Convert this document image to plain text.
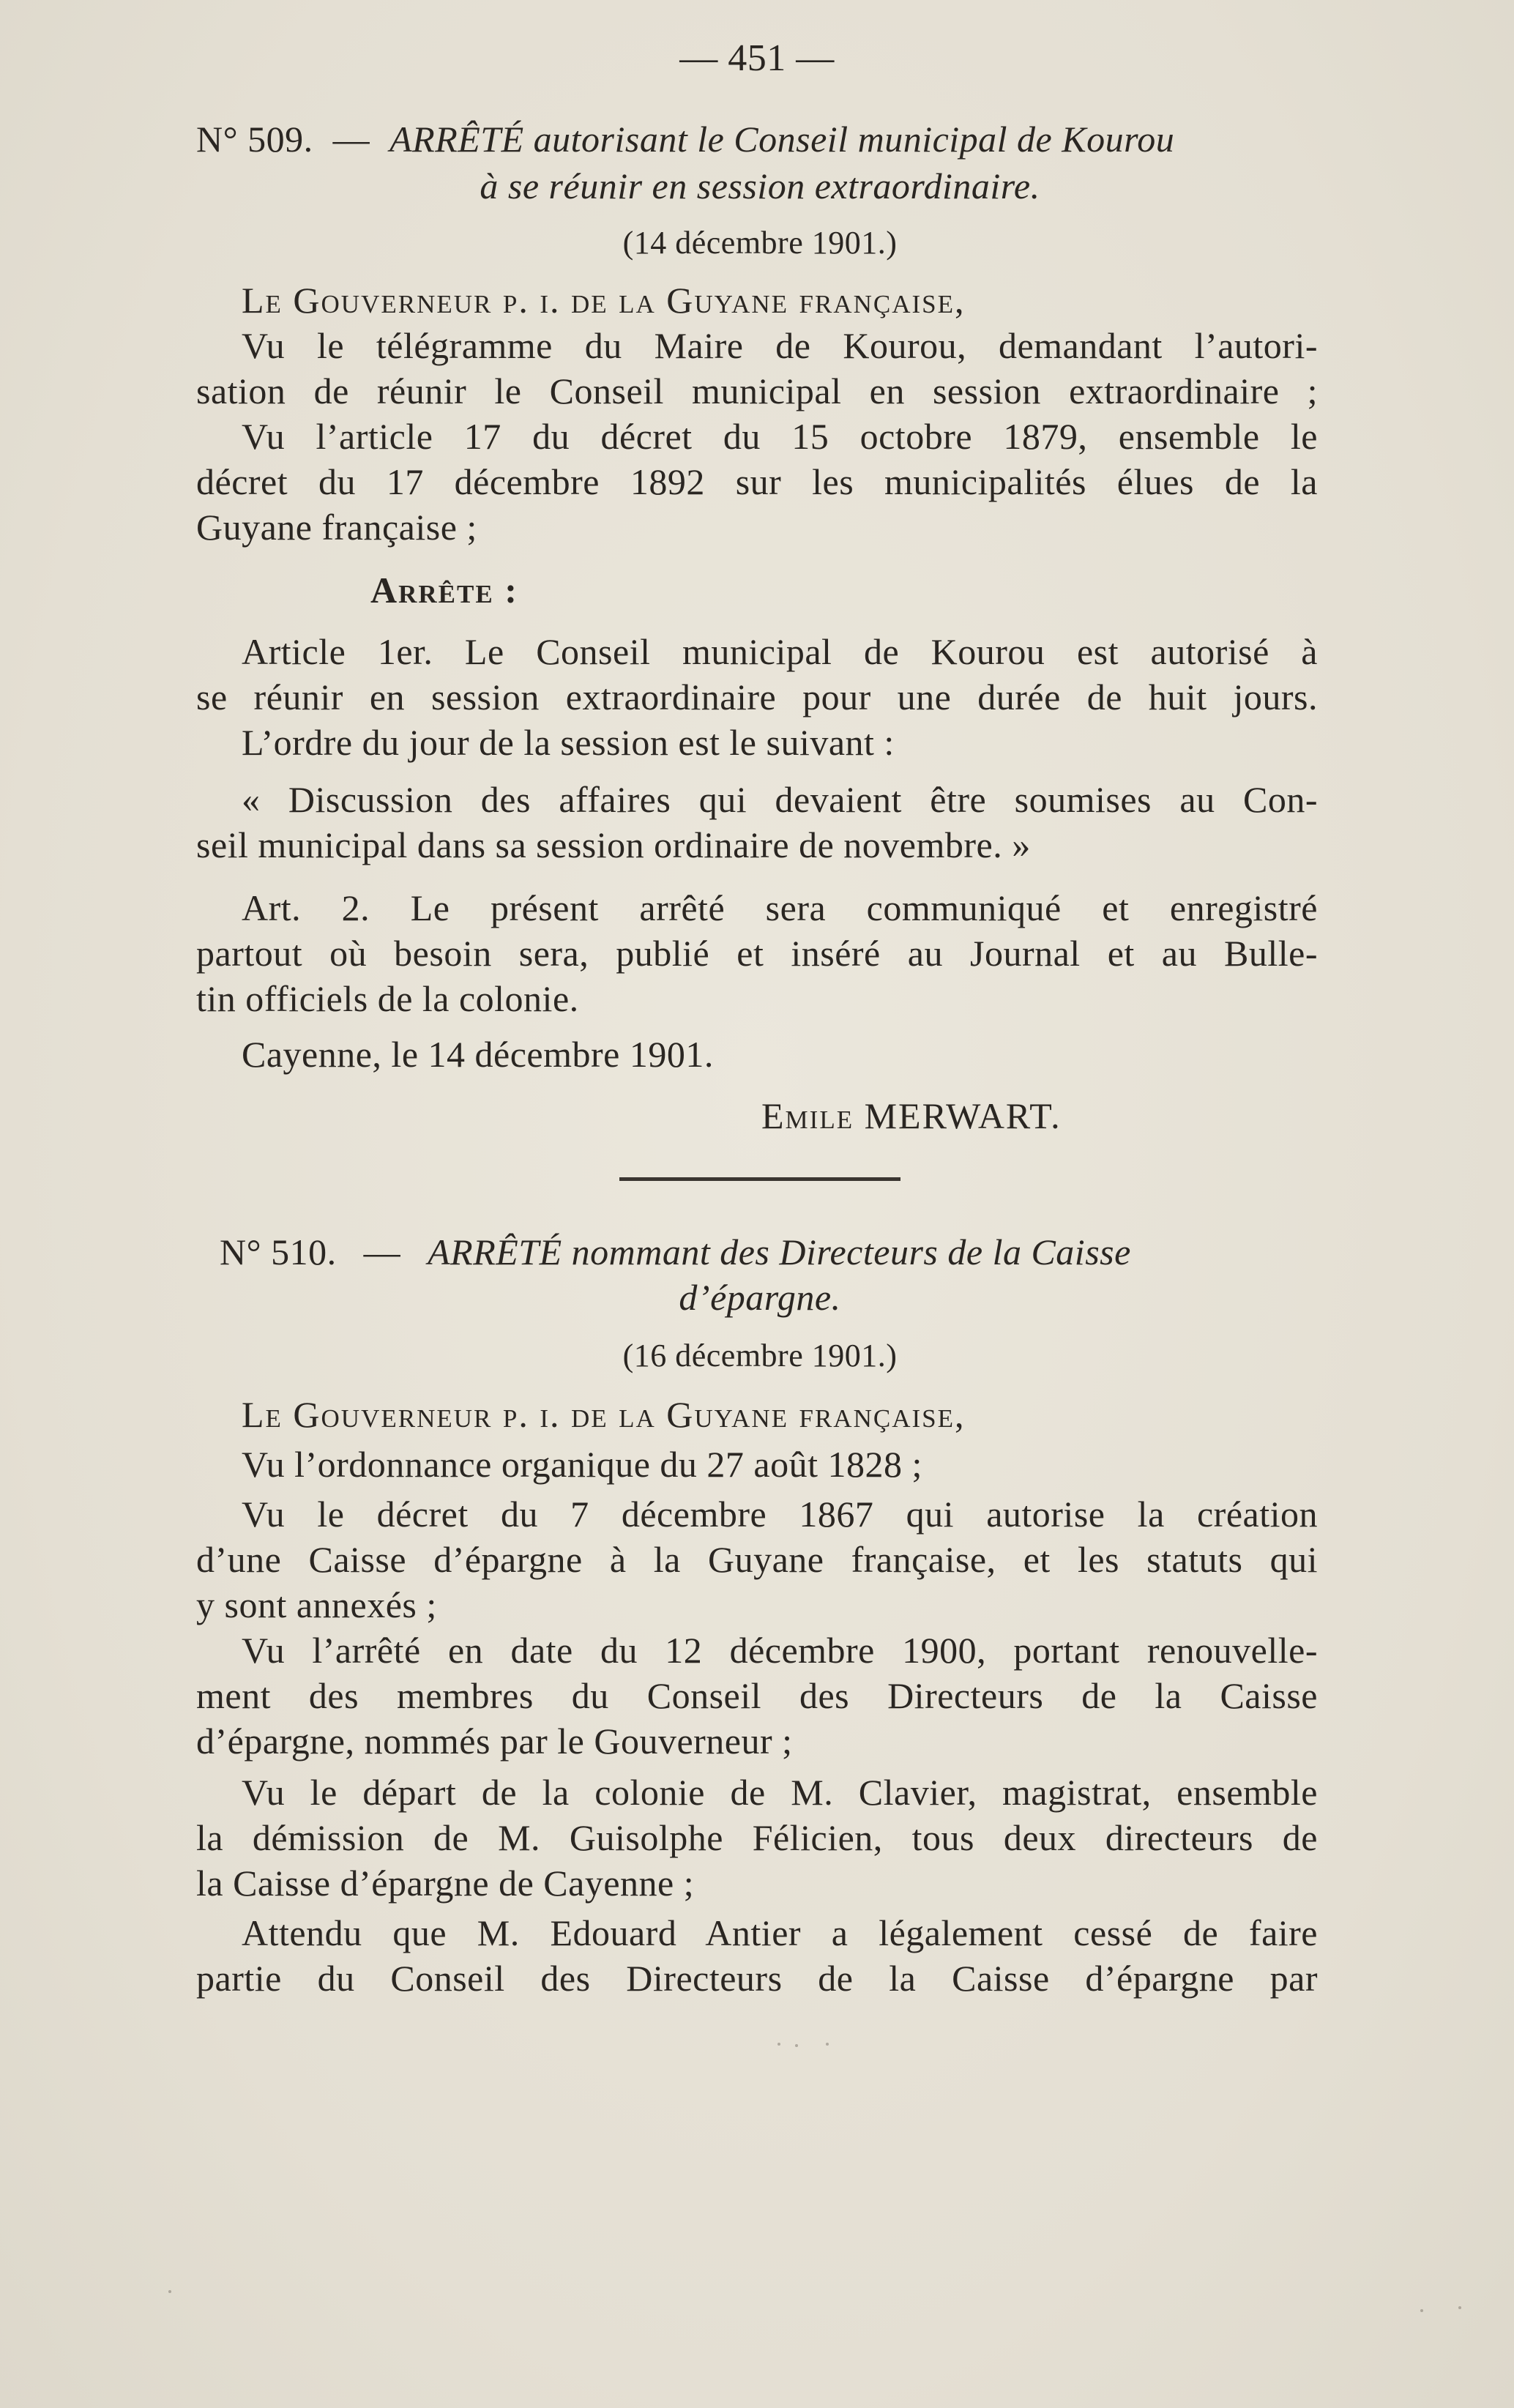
— 451 —
N° 509. — ARRÊTÉ autorisant le Conseil municipal de Kourou
à se réunir en session extraordinaire.
(14 décembre 1901.)
Le Gouverneur p. i. de la Guyane française,
Vu le télégramme du Maire de Kourou, demandant l’autori-
sation de réunir le Conseil municipal en session extraordinaire ;
Vu l’article 17 du décret du 15 octobre 1879, ensemble le
décret du 17 décembre 1892 sur les municipalités élues de la
Guyane française ;
Arrête :
Article 1er. Le Conseil municipal de Kourou est autorisé à
se réunir en session extraordinaire pour une durée de huit jours.
L’ordre du jour de la session est le suivant :
« Discussion des affaires qui devaient être soumises au Con-
seil municipal dans sa session ordinaire de novembre. »
Art. 2. Le présent arrêté sera communiqué et enregistré
partout où besoin sera, publié et inséré au Journal et au Bulle-
tin officiels de la colonie.
Cayenne, le 14 décembre 1901.
Emile MERWART.
N° 510. — ARRÊTÉ nommant des Directeurs de la Caisse
d’épargne.
(16 décembre 1901.)
Le Gouverneur p. i. de la Guyane française,
Vu l’ordonnance organique du 27 août 1828 ;
Vu le décret du 7 décembre 1867 qui autorise la création
d’une Caisse d’épargne à la Guyane française, et les statuts qui
y sont annexés ;
Vu l’arrêté en date du 12 décembre 1900, portant renouvelle-
ment des membres du Conseil des Directeurs de la Caisse
d’épargne, nommés par le Gouverneur ;
Vu le départ de la colonie de M. Clavier, magistrat, ensemble
la démission de M. Guisolphe Félicien, tous deux directeurs de
la Caisse d’épargne de Cayenne ;
Attendu que M. Edouard Antier a légalement cessé de faire
partie du Conseil des Directeurs de la Caisse d’épargne par
